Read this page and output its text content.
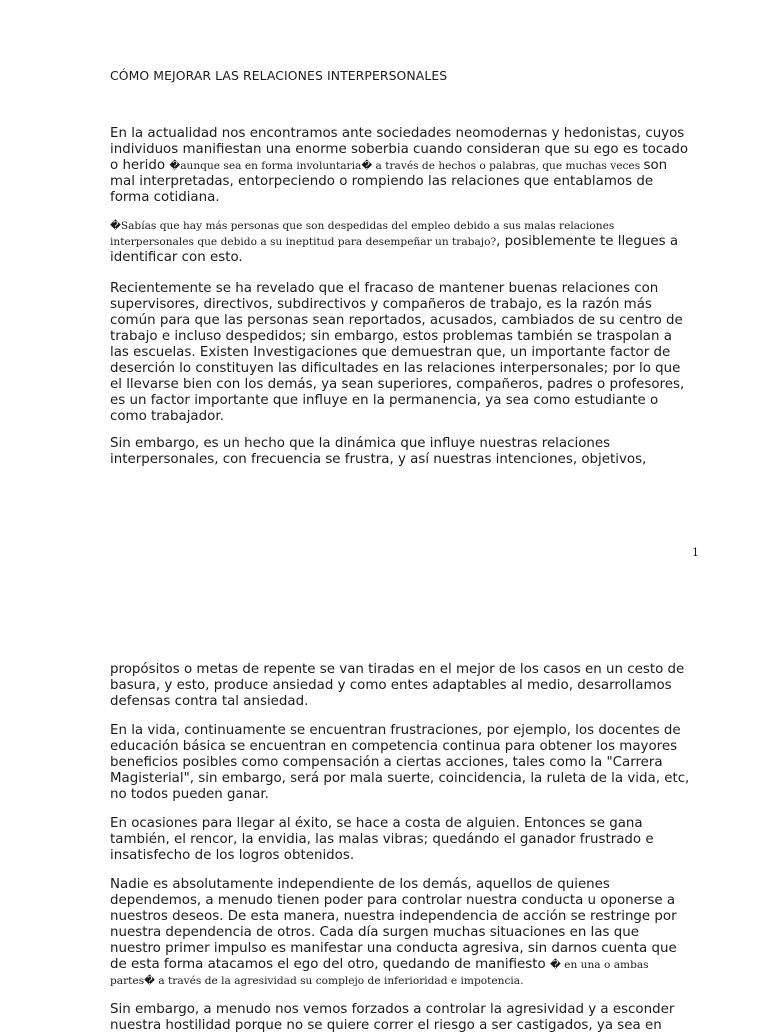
CÓMO MEJORAR LAS RELACIONES INTERPERSONALES

En la actualidad nos encontramos ante sociedades neomodernas y hedonistas, cuyos
individuos manifiestan una enorme soberbia cuando consideran que su ego es tocado
o herido �aunque sea en forma involuntaria� a través de hechos o palabras, que muchas veces son
mal interpretadas, entorpeciendo o rompiendo las relaciones que entablamos de
forma cotidiana.

�Sabías que hay más personas que son despedidas del empleo debido a sus malas relaciones
interpersonales que debido a su ineptitud para desempeñar un trabajo?, posiblemente te llegues a
identificar con esto.

Recientemente se ha revelado que el fracaso de mantener buenas relaciones con
supervisores, directivos, subdirectivos y compañeros de trabajo, es la razón más
común para que las personas sean reportados, acusados, cambiados de su centro de
trabajo e incluso despedidos; sin embargo, estos problemas también se traspolan a
las escuelas. Existen Investigaciones que demuestran que, un importante factor de
deserción lo constituyen las dificultades en las relaciones interpersonales; por lo que
el llevarse bien con los demás, ya sean superiores, compañeros, padres o profesores,
es un factor importante que influye en la permanencia, ya sea como estudiante o
como trabajador.

Sin embargo, es un hecho que la dinámica que influye nuestras relaciones
interpersonales, con frecuencia se frustra, y así nuestras intenciones, objetivos,

1

propósitos o metas de repente se van tiradas en el mejor de los casos en un cesto de
basura, y esto, produce ansiedad y como entes adaptables al medio, desarrollamos
defensas contra tal ansiedad.

En la vida, continuamente se encuentran frustraciones, por ejemplo, los docentes de
educación básica se encuentran en competencia continua para obtener los mayores
beneficios posibles como compensación a ciertas acciones, tales como la "Carrera
Magisterial", sin embargo, será por mala suerte, coincidencia, la ruleta de la vida, etc,
no todos pueden ganar.

En ocasiones para llegar al éxito, se hace a costa de alguien. Entonces se gana
también, el rencor, la envidia, las malas vibras; quedándo el ganador frustrado e
insatisfecho de los logros obtenidos.

Nadie es absolutamente independiente de los demás, aquellos de quienes
dependemos, a menudo tienen poder para controlar nuestra conducta u oponerse a
nuestros deseos. De esta manera, nuestra independencia de acción se restringe por
nuestra dependencia de otros. Cada día surgen muchas situaciones en las que
nuestro primer impulso es manifestar una conducta agresiva, sin darnos cuenta que
de esta forma atacamos el ego del otro, quedando de manifiesto � en una o ambas
partes� a través de la agresividad su complejo de inferioridad e impotencia.

Sin embargo, a menudo nos vemos forzados a controlar la agresividad y a esconder
nuestra hostilidad porque no se quiere correr el riesgo a ser castigados, ya sea en
